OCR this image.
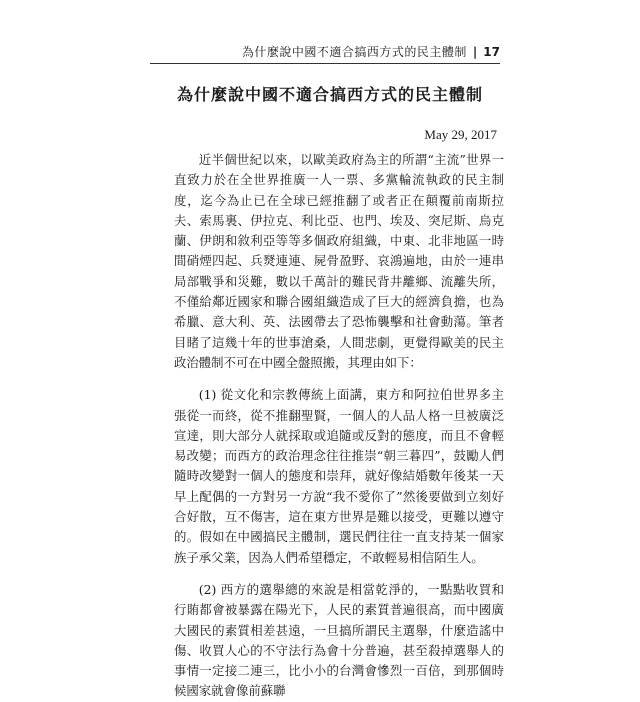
為什麼說中國不適合搞西方式的民主體制 | 17
為什麼說中國不適合搞西方式的民主體制
May 29, 2017

近半個世紀以來，以歐美政府為主的所謂“主流”世界一直致力於在全世界推廣一人一票、多黨輪流執政的民主制度，迄今為止已在全球已經推翻了或者正在顛覆前南斯拉夫、索馬裏、伊拉克、利比亞、也門、埃及、突尼斯、烏克蘭、伊朗和敘利亞等等多個政府組織，中東、北非地區一時間硝煙四起、兵燹連連、屍骨盈野、哀鴻遍地，由於一連串局部戰爭和災難，數以千萬計的難民背井離鄉、流離失所，不僅給鄰近國家和聯合國組織造成了巨大的經濟負擔，也為希臘、意大利、英、法國帶去了恐怖襲擊和社會動蕩。筆者目睹了這幾十年的世事滄桑，人間悲劇，更覺得歐美的民主政治體制不可在中國全盤照搬，其理由如下：

(1) 從文化和宗教傳統上面講，東方和阿拉伯世界多主張從一而終，從不推翻聖賢，一個人的人品人格一旦被廣泛宣達，則大部分人就採取或追隨或反對的態度，而且不會輕易改變；而西方的政治理念往往推崇“朝三暮四”，鼓勵人們隨時改變對一個人的態度和崇拜，就好像結婚數年後某一天早上配偶的一方對另一方說“我不愛你了”然後要做到立刻好合好散，互不傷害，這在東方世界是難以接受，更難以遵守的。假如在中國搞民主體制，選民們往往一直支持某一個家族子承父業，因為人們希望穩定，不敢輕易相信陌生人。

(2) 西方的選舉總的來說是相當乾淨的，一點點收買和行賄都會被暴露在陽光下，人民的素質普遍很高，而中國廣大國民的素質相差甚遠，一旦搞所謂民主選舉，什麼造謠中傷、收買人心的不守法行為會十分普遍，甚至殺掉選舉人的事情一定接二連三，比小小的台灣會慘烈一百倍，到那個時候國家就會像前蘇聯
